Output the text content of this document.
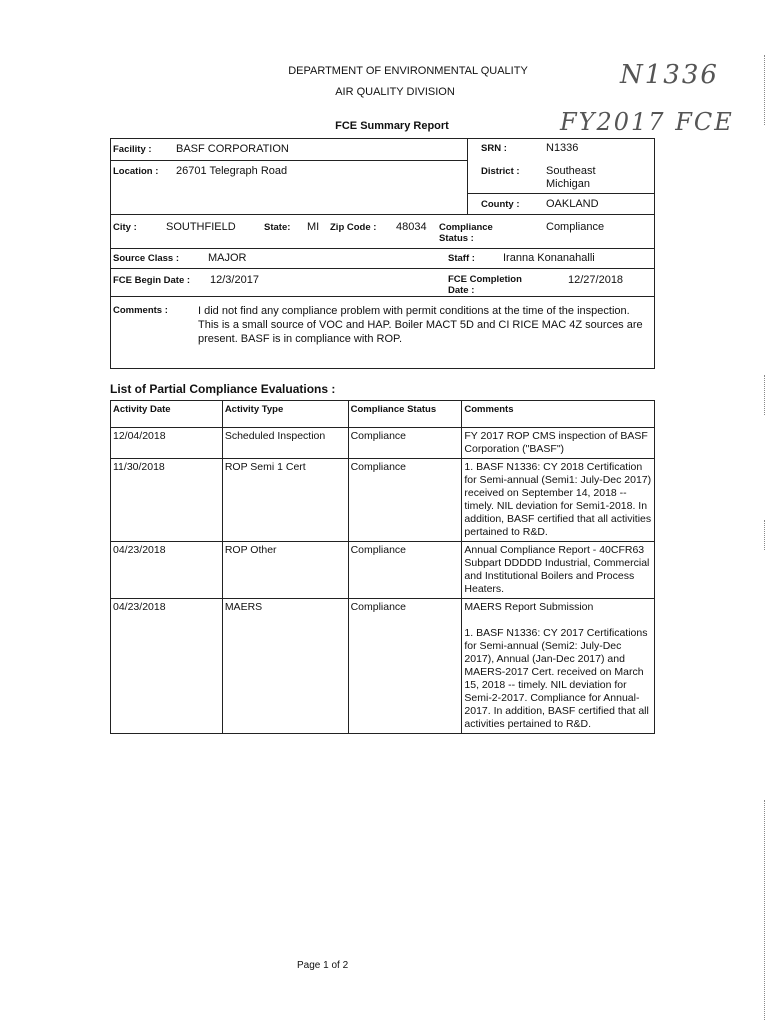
DEPARTMENT OF ENVIRONMENTAL QUALITY
AIR QUALITY DIVISION
FCE Summary Report
N1336
FY2017 FCE
Facility : BASF CORPORATION	SRN :	N1336
Location : 26701 Telegraph Road	District : Southeast Michigan
County : OAKLAND
City :	SOUTHFIELD	State: MI Zip Code : 48034 Compliance Status :
Compliance
Source Class :	MAJOR	Staff :	Iranna Konanahalli
FCE Begin Date : 12/3/2017	FCE Completion Date :
12/27/2018
Comments :	I did not find any compliance problem with permit conditions at the time of the inspection. This is a small source of VOC and HAP. Boiler MACT 5D and CI RICE MAC 4Z sources are present. BASF is in compliance with ROP.
List of Partial Compliance Evaluations :
Activity Date	Activity Type	Compliance Status	Comments
12/04/2018	Scheduled Inspection	Compliance	FY 2017 ROP CMS inspection of BASF Corporation ("BASF")
11/30/2018	ROP Semi 1 Cert	Compliance	1. BASF N1336: CY 2018 Certification for Semi-annual (Semi1: July-Dec 2017) received on September 14, 2018 -- timely. NIL deviation for Semi1-2018. In addition, BASF certified that all activities pertained to R&D.
04/23/2018	ROP Other	Compliance	Annual Compliance Report - 40CFR63 Subpart DDDDD Industrial, Commercial and Institutional Boilers and Process Heaters.
04/23/2018	MAERS	Compliance	MAERS Report Submission

1. BASF N1336: CY 2017 Certifications for Semi-annual (Semi2: July-Dec 2017), Annual (Jan-Dec 2017) and MAERS-2017 Cert. received on March 15, 2018 -- timely. NIL deviation for Semi-2-2017. Compliance for Annual-2017. In addition, BASF certified that all activities pertained to R&D.
Page 1 of 2
